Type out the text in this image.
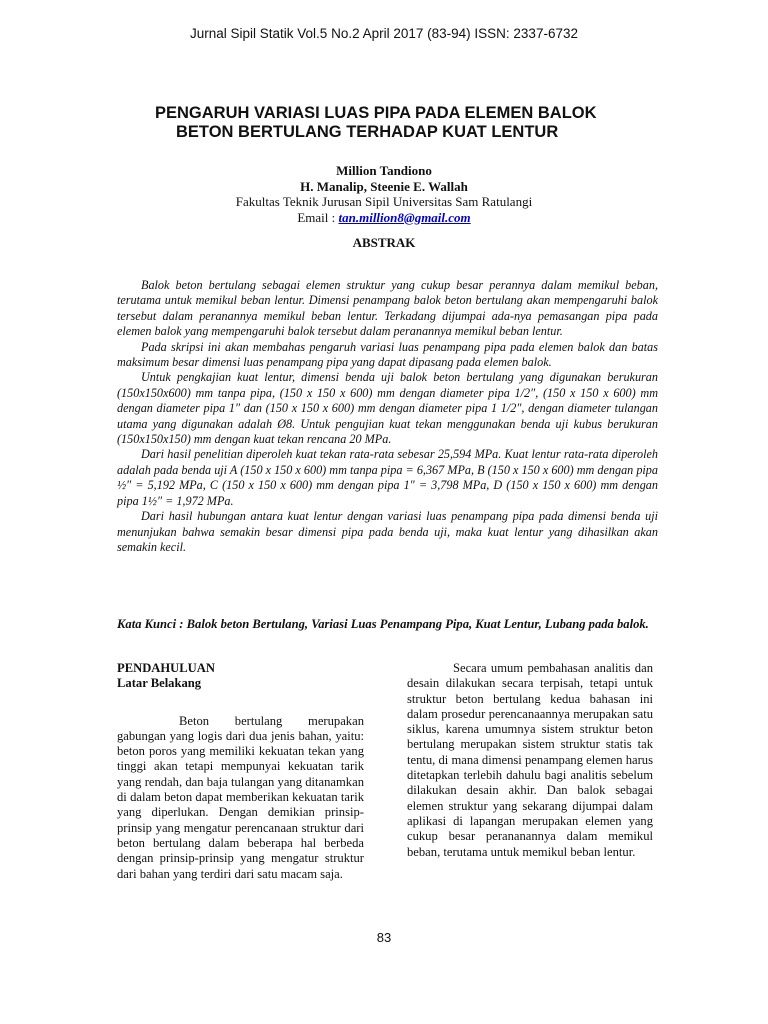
Jurnal Sipil Statik Vol.5 No.2 April 2017 (83-94) ISSN: 2337-6732
PENGARUH VARIASI LUAS PIPA PADA ELEMEN BALOK
BETON BERTULANG TERHADAP KUAT LENTUR
Million Tandiono
H. Manalip, Steenie E. Wallah
Fakultas Teknik Jurusan Sipil Universitas Sam Ratulangi
Email : tan.million8@gmail.com
ABSTRAK

Balok beton bertulang sebagai elemen struktur yang cukup besar perannya dalam memikul beban, terutama untuk memikul beban lentur. Dimensi penampang balok beton bertulang akan mempengaruhi balok tersebut dalam peranannya memikul beban lentur. Terkadang dijumpai ada-nya pemasangan pipa pada elemen balok yang mempengaruhi balok tersebut dalam peranannya memikul beban lentur.

Pada skripsi ini akan membahas pengaruh variasi luas penampang pipa pada elemen balok dan batas maksimum besar dimensi luas penampang pipa yang dapat dipasang pada elemen balok.

Untuk pengkajian kuat lentur, dimensi benda uji balok beton bertulang yang digunakan berukuran (150x150x600) mm tanpa pipa, (150 x 150 x 600) mm dengan diameter pipa 1/2″, (150 x 150 x 600) mm dengan diameter pipa 1″ dan (150 x 150 x 600) mm dengan diameter pipa 1 1/2″, dengan diameter tulangan utama yang digunakan adalah Ø8. Untuk pengujian kuat tekan menggunakan benda uji kubus berukuran (150x150x150) mm dengan kuat tekan rencana 20 MPa.

Dari hasil penelitian diperoleh kuat tekan rata-rata sebesar 25,594 MPa. Kuat lentur rata-rata diperoleh adalah pada benda uji A (150 x 150 x 600) mm tanpa pipa = 6,367 MPa, B (150 x 150 x 600) mm dengan pipa ½″ = 5,192 MPa, C (150 x 150 x 600) mm dengan pipa 1″ = 3,798 MPa, D (150 x 150 x 600) mm dengan pipa 1½″ = 1,972 MPa.

Dari hasil hubungan antara kuat lentur dengan variasi luas penampang pipa pada dimensi benda uji menunjukan bahwa semakin besar dimensi pipa pada benda uji, maka kuat lentur yang dihasilkan akan semakin kecil.

Kata Kunci : Balok beton Bertulang, Variasi Luas Penampang Pipa, Kuat Lentur, Lubang pada balok.
PENDAHULUAN
Latar Belakang

Beton bertulang merupakan gabungan yang logis dari dua jenis bahan, yaitu: beton poros yang memiliki kekuatan tekan yang tinggi akan tetapi mempunyai kekuatan tarik yang rendah, dan baja tulangan yang ditanamkan di dalam beton dapat memberikan kekuatan tarik yang diperlukan. Dengan demikian prinsip-prinsip yang mengatur perencanaan struktur dari beton bertulang dalam beberapa hal berbeda dengan prinsip-prinsip yang mengatur struktur dari bahan yang terdiri dari satu macam saja.

Secara umum pembahasan analitis dan desain dilakukan secara terpisah, tetapi untuk struktur beton bertulang kedua bahasan ini dalam prosedur perencanaannya merupakan satu siklus, karena umumnya sistem struktur beton bertulang merupakan sistem struktur statis tak tentu, di mana dimensi penampang elemen harus ditetapkan terlebih dahulu bagi analitis sebelum dilakukan desain akhir. Dan balok sebagai elemen struktur yang sekarang dijumpai dalam aplikasi di lapangan merupakan elemen yang cukup besar perananannya dalam memikul beban, terutama untuk memikul beban lentur.

83
